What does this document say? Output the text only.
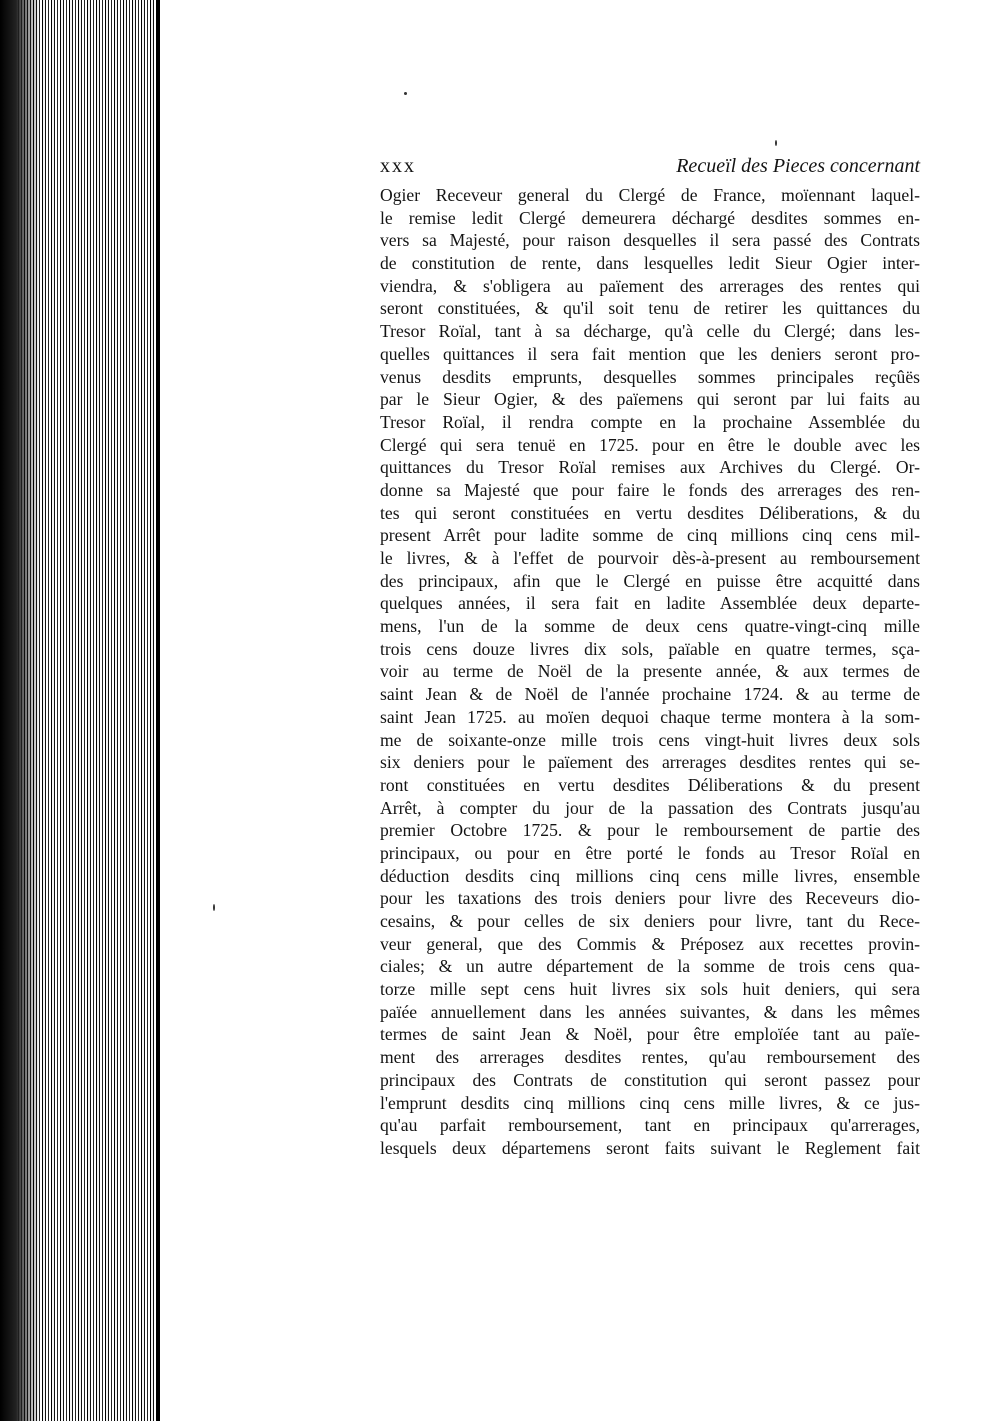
xxx	Recueïl des Pieces concernant
Ogier Receveur general du Clergé de France, moïennant laquel-
le remise ledit Clergé demeurera déchargé desdites sommes en-
vers sa Majesté, pour raison desquelles il sera passé des Contrats
de constitution de rente, dans lesquelles ledit Sieur Ogier inter-
viendra, & s'obligera au païement des arrerages des rentes qui
seront constituées, & qu'il soit tenu de retirer les quittances du
Tresor Roïal, tant à sa décharge, qu'à celle du Clergé; dans les-
quelles quittances il sera fait mention que les deniers seront pro-
venus desdits emprunts, desquelles sommes principales reçûës
par le Sieur Ogier, & des païemens qui seront par lui faits au
Tresor Roïal, il rendra compte en la prochaine Assemblée du
Clergé qui sera tenuë en 1725. pour en être le double avec les
quittances du Tresor Roïal remises aux Archives du Clergé. Or-
donne sa Majesté que pour faire le fonds des arrerages des ren-
tes qui seront constituées en vertu desdites Déliberations, & du
present Arrêt pour ladite somme de cinq millions cinq cens mil-
le livres, & à l'effet de pourvoir dès-à-present au remboursement
des principaux, afin que le Clergé en puisse être acquitté dans
quelques années, il sera fait en ladite Assemblée deux departe-
mens, l'un de la somme de deux cens quatre-vingt-cinq mille
trois cens douze livres dix sols, païable en quatre termes, sça-
voir au terme de Noël de la presente année, & aux termes de
saint Jean & de Noël de l'année prochaine 1724. & au terme de
saint Jean 1725. au moïen dequoi chaque terme montera à la som-
me de soixante-onze mille trois cens vingt-huit livres deux sols
six deniers pour le païement des arrerages desdites rentes qui se-
ront constituées en vertu desdites Déliberations & du present
Arrêt, à compter du jour de la passation des Contrats jusqu'au
premier Octobre 1725. & pour le remboursement de partie des
principaux, ou pour en être porté le fonds au Tresor Roïal en
déduction desdits cinq millions cinq cens mille livres, ensemble
pour les taxations des trois deniers pour livre des Receveurs dio-
cesains, & pour celles de six deniers pour livre, tant du Rece-
veur general, que des Commis & Préposez aux recettes provin-
ciales; & un autre département de la somme de trois cens qua-
torze mille sept cens huit livres six sols huit deniers, qui sera
païée annuellement dans les années suivantes, & dans les mêmes
termes de saint Jean & Noël, pour être emploïée tant au païe-
ment des arrerages desdites rentes, qu'au remboursement des
principaux des Contrats de constitution qui seront passez pour
l'emprunt desdits cinq millions cinq cens mille livres, & ce jus-
qu'au parfait remboursement, tant en principaux qu'arrerages,
lesquels deux départemens seront faits suivant le Reglement fait
